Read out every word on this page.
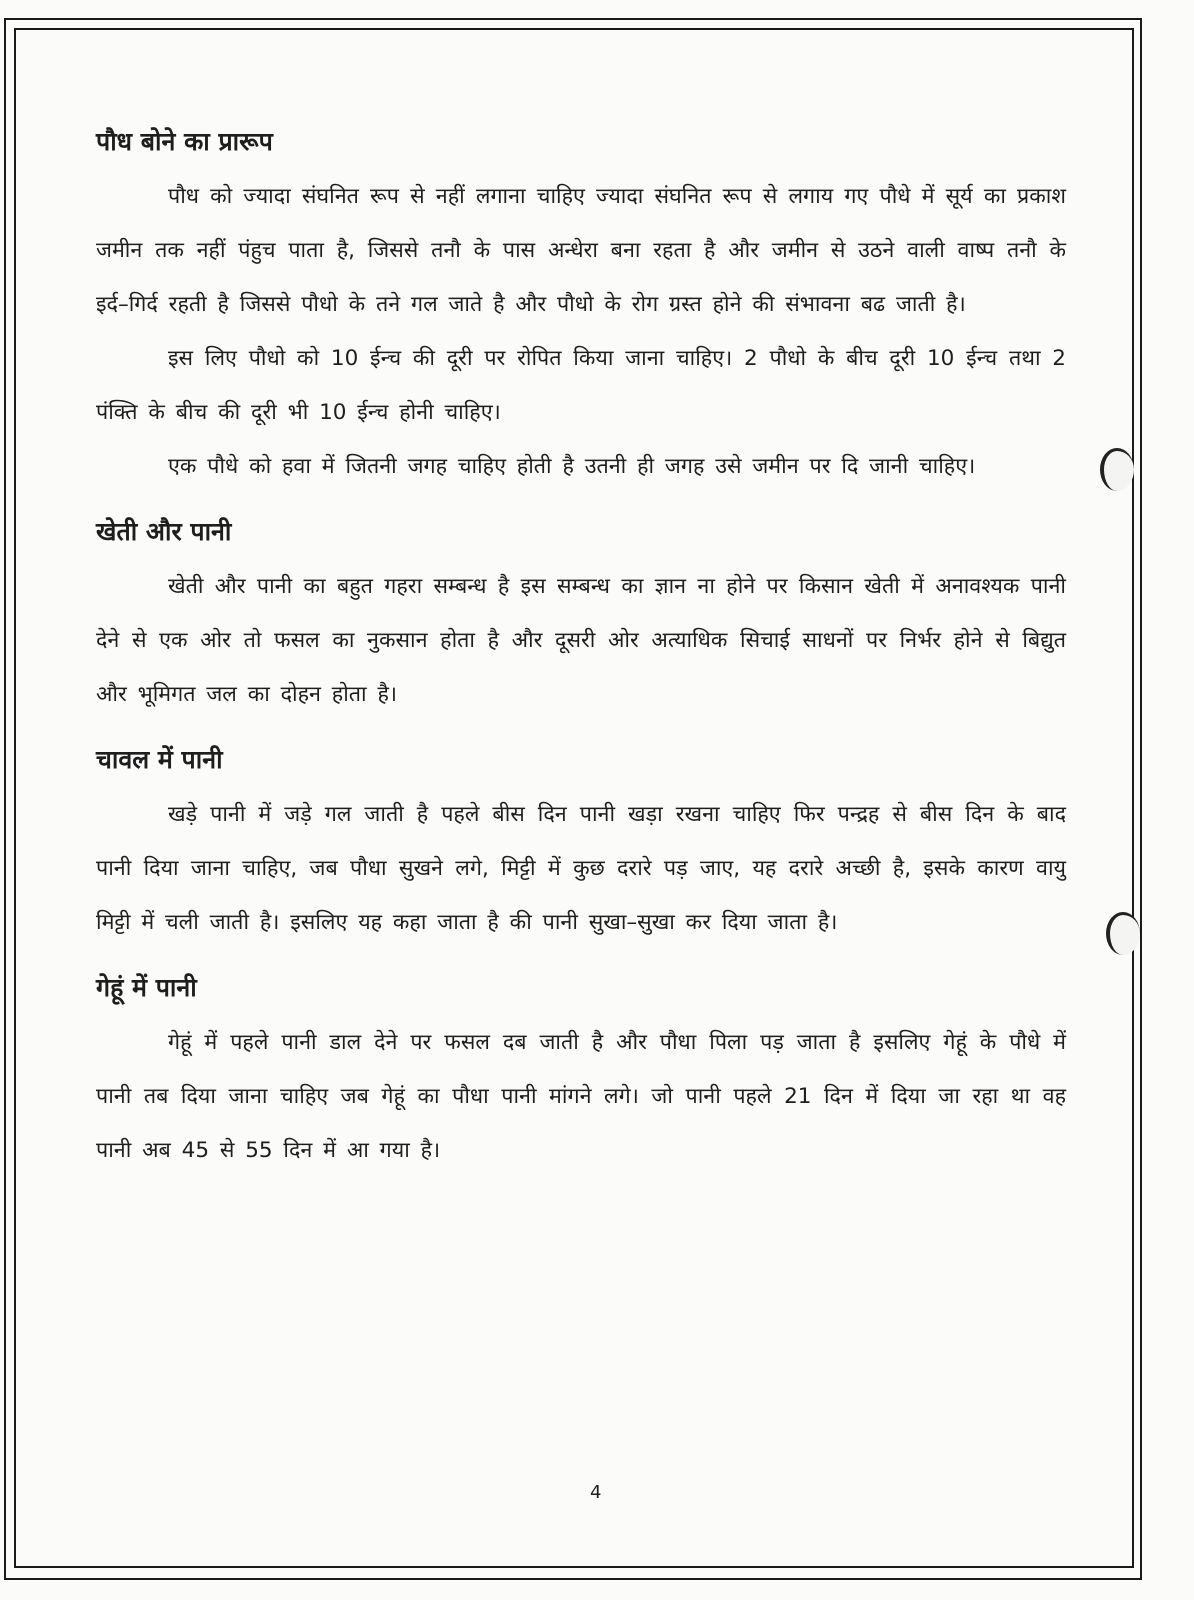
पौध बोने का प्रारूप

पौध को ज्यादा संघनित रूप से नहीं लगाना चाहिए ज्यादा संघनित रूप से लगाय गए पौधे में सूर्य का प्रकाश जमीन तक नहीं पंहुच पाता है, जिससे तनौ के पास अन्धेरा बना रहता है और जमीन से उठने वाली वाष्प तनौ के इर्द–गिर्द रहती है जिससे पौधो के तने गल जाते है और पौधो के रोग ग्रस्त होने की संभावना बढ जाती है।

इस लिए पौधो को 10 ईन्च की दूरी पर रोपित किया जाना चाहिए। 2 पौधो के बीच दूरी 10 ईन्च तथा 2 पंक्ति के बीच की दूरी भी 10 ईन्च होनी चाहिए।

एक पौधे को हवा में जितनी जगह चाहिए होती है उतनी ही जगह उसे जमीन पर दि जानी चाहिए।

खेती और पानी

खेती और पानी का बहुत गहरा सम्बन्ध है इस सम्बन्ध का ज्ञान ना होने पर किसान खेती में अनावश्यक पानी देने से एक ओर तो फसल का नुकसान होता है और दूसरी ओर अत्याधिक सिचाई साधनों पर निर्भर होने से बिद्युत और भूमिगत जल का दोहन होता है।

चावल में पानी

खड़े पानी में जड़े गल जाती है पहले बीस दिन पानी खड़ा रखना चाहिए फिर पन्द्रह से बीस दिन के बाद पानी दिया जाना चाहिए, जब पौधा सुखने लगे, मिट्टी में कुछ दरारे पड़ जाए, यह दरारे अच्छी है, इसके कारण वायु मिट्टी में चली जाती है। इसलिए यह कहा जाता है की पानी सुखा–सुखा कर दिया जाता है।

गेहूं में पानी

गेहूं में पहले पानी डाल देने पर फसल दब जाती है और पौधा पिला पड़ जाता है इसलिए गेहूं के पौधे में पानी तब दिया जाना चाहिए जब गेहूं का पौधा पानी मांगने लगे। जो पानी पहले 21 दिन में दिया जा रहा था वह पानी अब 45 से 55 दिन में आ गया है।

4
